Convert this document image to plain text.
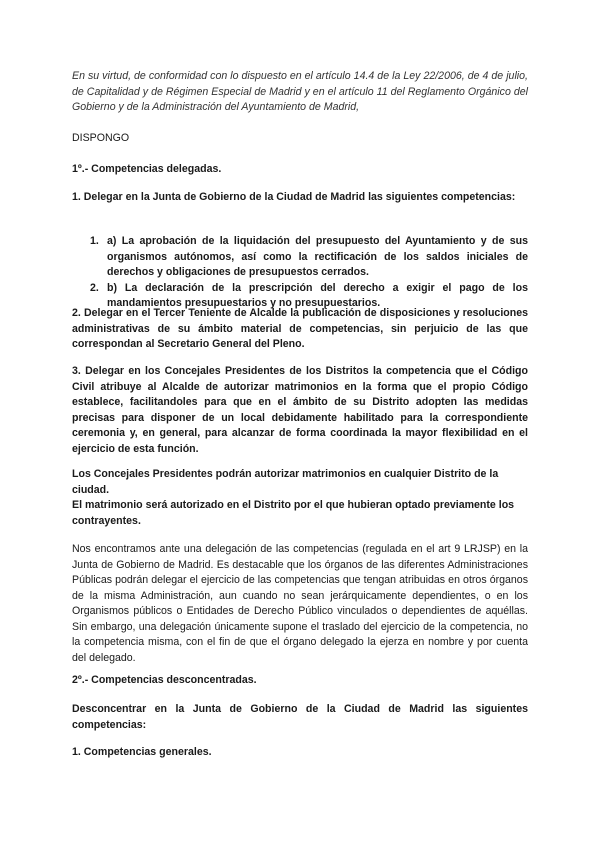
En su virtud, de conformidad con lo dispuesto en el artículo 14.4 de la Ley 22/2006, de 4 de julio, de Capitalidad y de Régimen Especial de Madrid y en el artículo 11 del Reglamento Orgánico del Gobierno y de la Administración del Ayuntamiento de Madrid,

DISPONGO

1º.- Competencias delegadas.

1. Delegar en la Junta de Gobierno de la Ciudad de Madrid las siguientes competencias:

1. a) La aprobación de la liquidación del presupuesto del Ayuntamiento y de sus organismos autónomos, así como la rectificación de los saldos iniciales de derechos y obligaciones de presupuestos cerrados.
2. b) La declaración de la prescripción del derecho a exigir el pago de los mandamientos presupuestarios y no presupuestarios.

2. Delegar en el Tercer Teniente de Alcalde la publicación de disposiciones y resoluciones administrativas de su ámbito material de competencias, sin perjuicio de las que correspondan al Secretario General del Pleno.

3. Delegar en los Concejales Presidentes de los Distritos la competencia que el Código Civil atribuye al Alcalde de autorizar matrimonios en la forma que el propio Código establece, facilitandoles para que en el ámbito de su Distrito adopten las medidas precisas para disponer de un local debidamente habilitado para la correspondiente ceremonia y, en general, para alcanzar de forma coordinada la mayor flexibilidad en el ejercicio de esta función.

Los Concejales Presidentes podrán autorizar matrimonios en cualquier Distrito de la ciudad.
El matrimonio será autorizado en el Distrito por el que hubieran optado previamente los contrayentes.

Nos encontramos ante una delegación de las competencias (regulada en el art 9 LRJSP) en la Junta de Gobierno de Madrid. Es destacable que los órganos de las diferentes Administraciones Públicas podrán delegar el ejercicio de las competencias que tengan atribuidas en otros órganos de la misma Administración, aun cuando no sean jerárquicamente dependientes, o en los Organismos públicos o Entidades de Derecho Público vinculados o dependientes de aquéllas. Sin embargo, una delegación únicamente supone el traslado del ejercicio de la competencia, no la competencia misma, con el fin de que el órgano delegado la ejerza en nombre y por cuenta del delegado.

2º.- Competencias desconcentradas.

Desconcentrar en la Junta de Gobierno de la Ciudad de Madrid las siguientes competencias:

1. Competencias generales.
